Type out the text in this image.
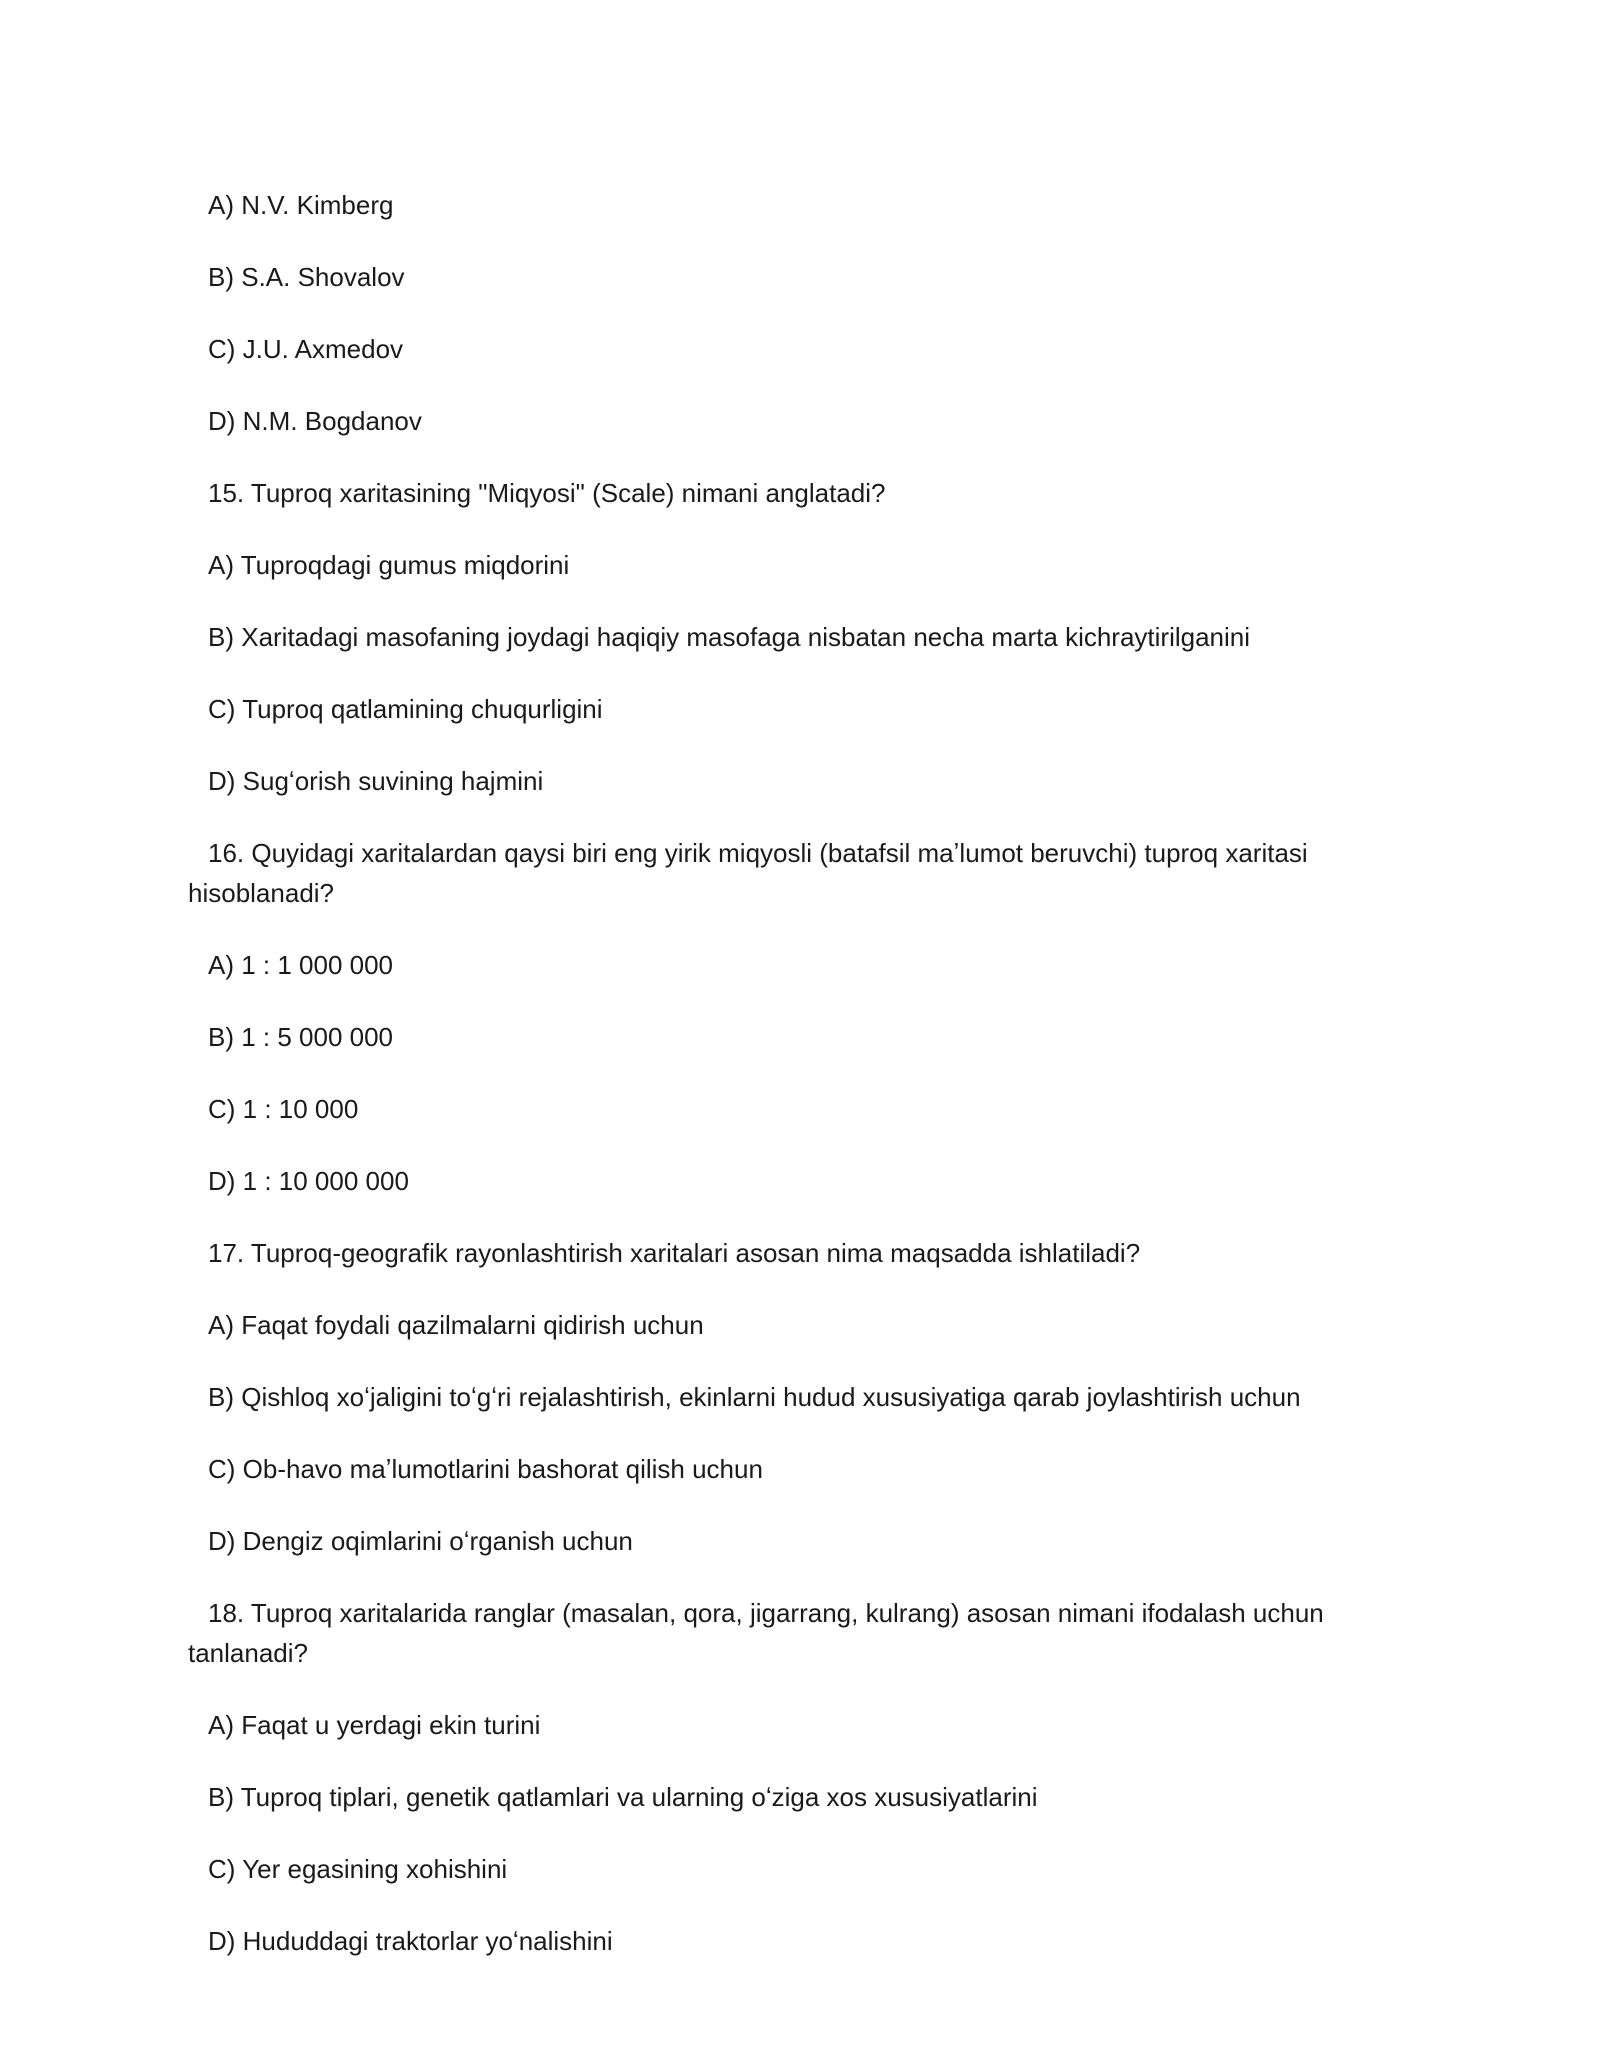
A) N.V. Kimberg

B) S.A. Shovalov

C) J.U. Axmedov

D) N.M. Bogdanov

15. Tuproq xaritasining "Miqyosi" (Scale) nimani anglatadi?

A) Tuproqdagi gumus miqdorini

B) Xaritadagi masofaning joydagi haqiqiy masofaga nisbatan necha marta kichraytirilganini

C) Tuproq qatlamining chuqurligini

D) Sugʻorish suvining hajmini

16. Quyidagi xaritalardan qaysi biri eng yirik miqyosli (batafsil maʼlumot beruvchi) tuproq xaritasi hisoblanadi?

A) 1 : 1 000 000

B) 1 : 5 000 000

C) 1 : 10 000

D) 1 : 10 000 000

17. Tuproq-geografik rayonlashtirish xaritalari asosan nima maqsadda ishlatiladi?

A) Faqat foydali qazilmalarni qidirish uchun

B) Qishloq xoʻjaligini toʻgʻri rejalashtirish, ekinlarni hudud xususiyatiga qarab joylashtirish uchun

C) Ob-havo maʼlumotlarini bashorat qilish uchun

D) Dengiz oqimlarini oʻrganish uchun

18. Tuproq xaritalarida ranglar (masalan, qora, jigarrang, kulrang) asosan nimani ifodalash uchun tanlanadi?

A) Faqat u yerdagi ekin turini

B) Tuproq tiplari, genetik qatlamlari va ularning oʻziga xos xususiyatlarini

C) Yer egasining xohishini

D) Hududdagi traktorlar yoʻnalishini
